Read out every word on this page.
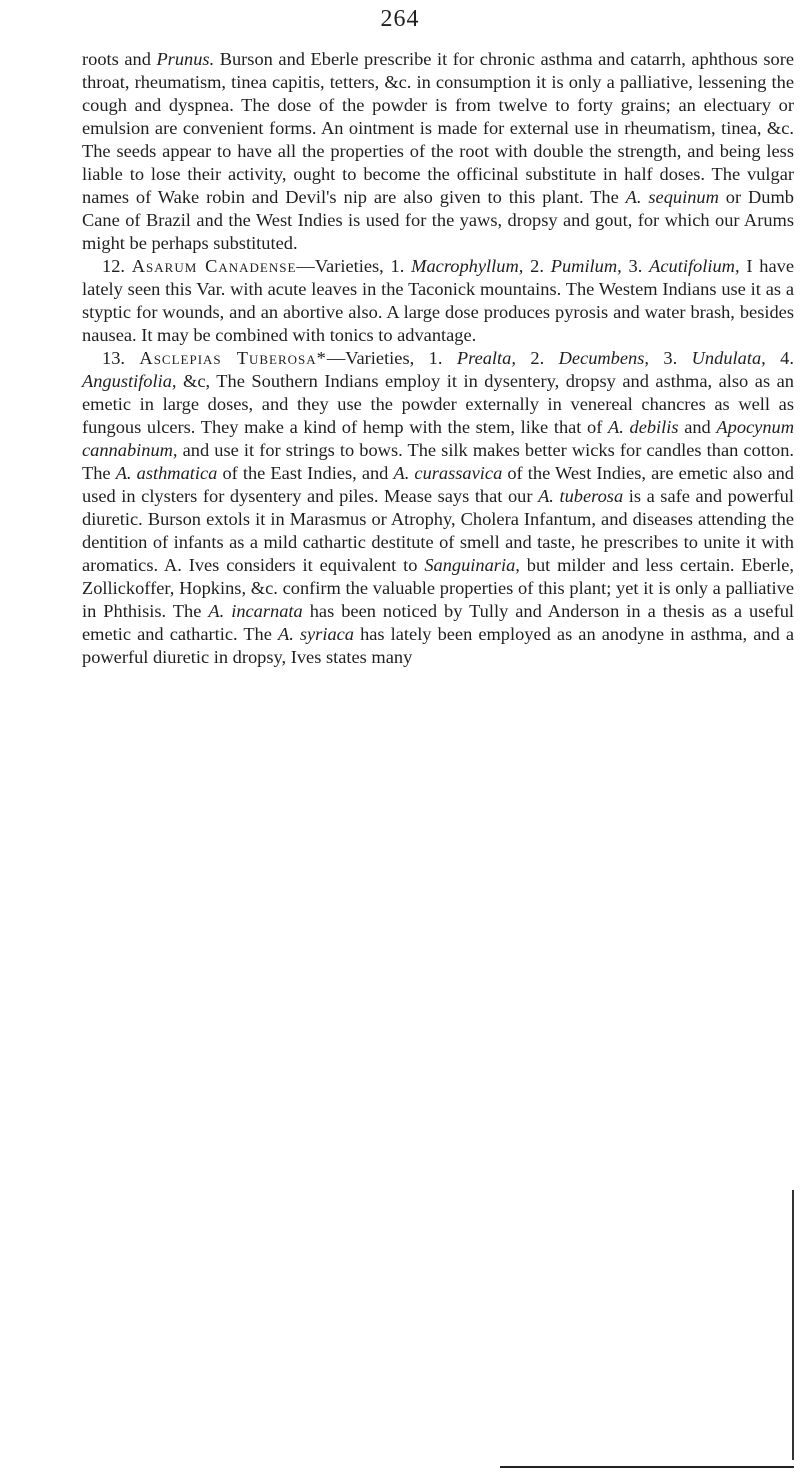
264

roots and Prunus. Burson and Eberle prescribe it for chronic asthma and catarrh, aphthous sore throat, rheumatism, tinea capitis, tetters, &c. in consumption it is only a palliative, lessening the cough and dyspnea. The dose of the powder is from twelve to forty grains; an electuary or emulsion are convenient forms. An ointment is made for external use in rheumatism, tinea, &c. The seeds appear to have all the properties of the root with double the strength, and being less liable to lose their activity, ought to become the officinal substitute in half doses. The vulgar names of Wake robin and Devil's nip are also given to this plant. The A. sequinum or Dumb Cane of Brazil and the West Indies is used for the yaws, dropsy and gout, for which our Arums might be perhaps substituted.

12. Asarum Canadense—Varieties, 1. Macrophyllum, 2. Pumilum, 3. Acutifolium, I have lately seen this Var. with acute leaves in the Taconick mountains. The Westem Indians use it as a styptic for wounds, and an abortive also. A large dose produces pyrosis and water brash, besides nausea. It may be combined with tonics to advantage.

13. Asclepias Tuberosa*—Varieties, 1. Prealta, 2. Decumbens, 3. Undulata, 4. Angustifolia, &c, The Southern Indians employ it in dysentery, dropsy and asthma, also as an emetic in large doses, and they use the powder externally in venereal chancres as well as fungous ulcers. They make a kind of hemp with the stem, like that of A. debilis and Apocynum cannabinum, and use it for strings to bows. The silk makes better wicks for candles than cotton. The A. asthmatica of the East Indies, and A. curassavica of the West Indies, are emetic also and used in clysters for dysentery and piles. Mease says that our A. tuberosa is a safe and powerful diuretic. Burson extols it in Marasmus or Atrophy, Cholera Infantum, and diseases attending the dentition of infants as a mild cathartic destitute of smell and taste, he prescribes to unite it with aromatics. A. Ives considers it equivalent to Sanguinaria, but milder and less certain. Eberle, Zollickoffer, Hopkins, &c. confirm the valuable properties of this plant; yet it is only a palliative in Phthisis. The A. incarnata has been noticed by Tully and Anderson in a thesis as a useful emetic and cathartic. The A. syriaca has lately been employed as an anodyne in asthma, and a powerful diuretic in dropsy, Ives states many
